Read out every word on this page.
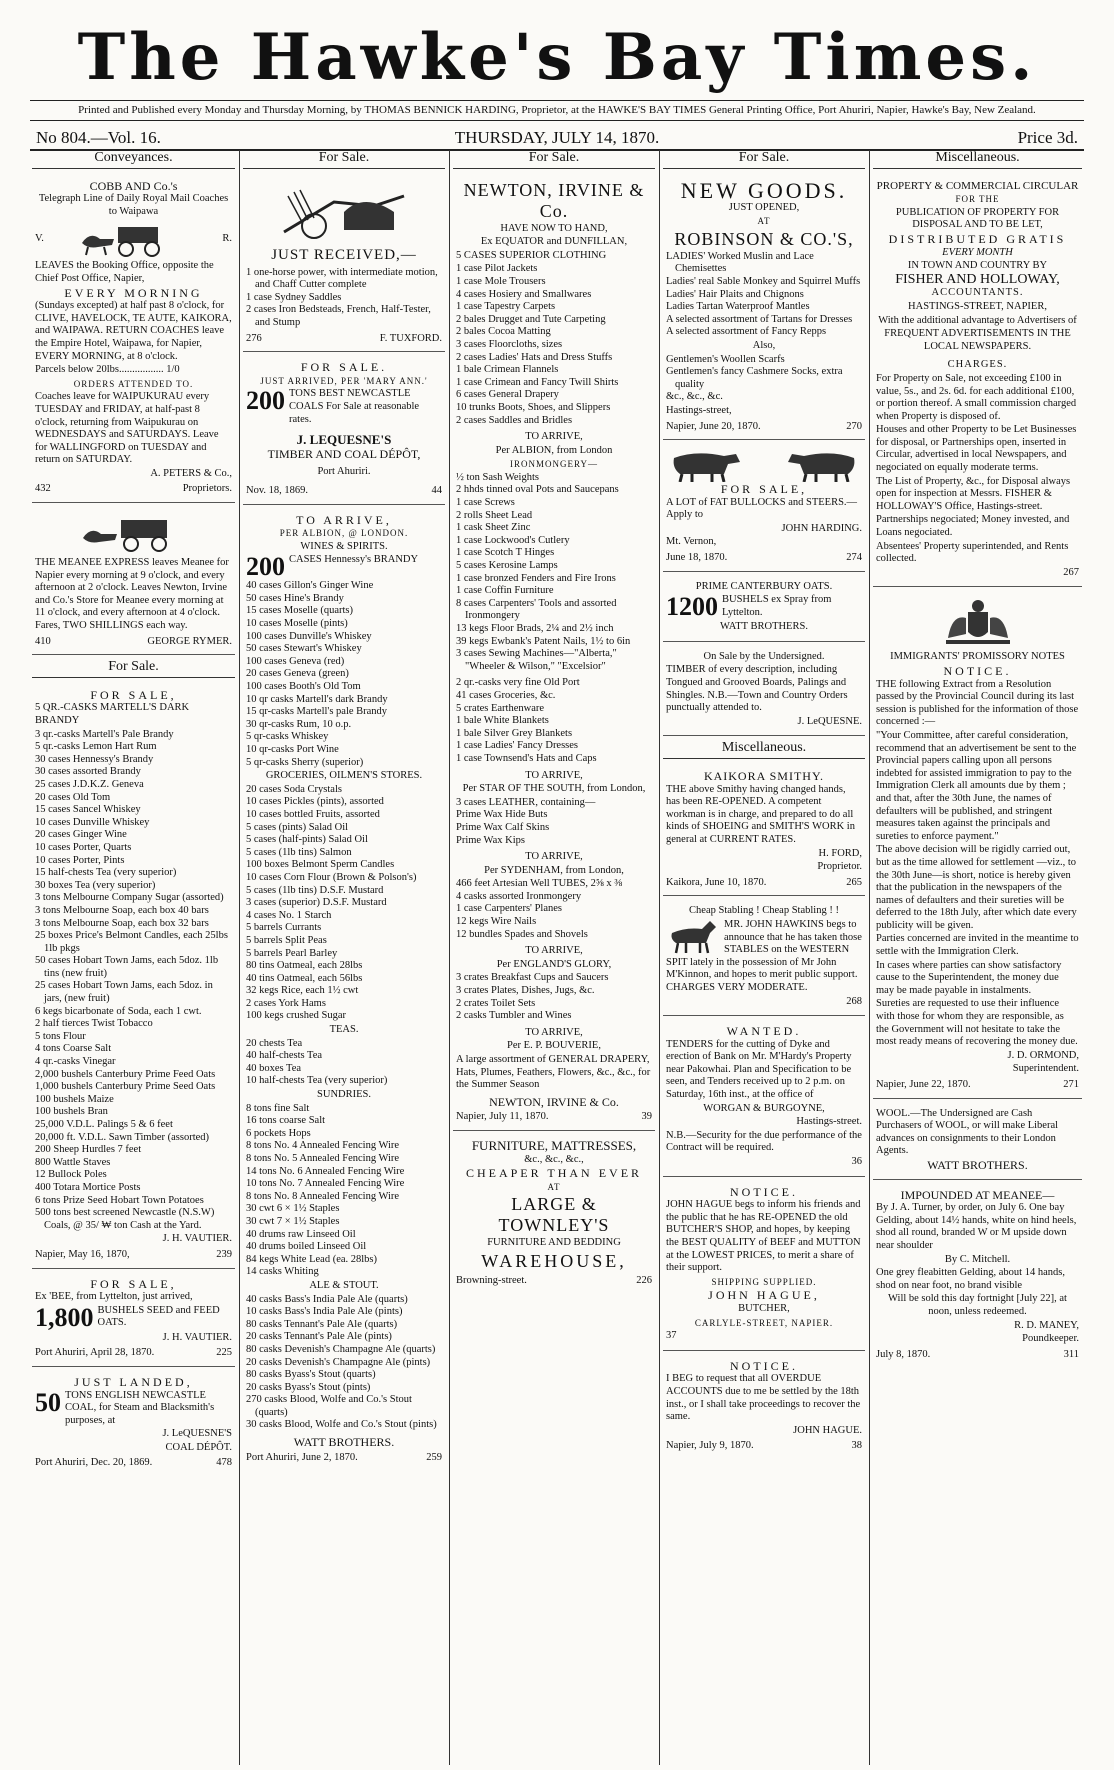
The Hawke's Bay Times.
Printed and Published every Monday and Thursday Morning, by THOMAS BENNICK HARDING, Proprietor, at the HAWKE'S BAY TIMES General Printing Office, Port Ahuriri, Napier, Hawke's Bay, New Zealand.
No 804.—Vol. 16.	THURSDAY, JULY 14, 1870.	Price 3d.
Conveyances.

COBB AND Co.'s

Telegraph Line of Daily Royal Mail Coaches to Waipawa

V.	R.

LEAVES the Booking Office, opposite the Chief Post Office, Napier,

EVERY MORNING

(Sundays excepted) at half past 8 o'clock, for CLIVE, HAVELOCK, TE AUTE, KAIKORA, and WAIPAWA. RETURN COACHES leave the Empire Hotel, Waipawa, for Napier, EVERY MORNING, at 8 o'clock.

Parcels below 20lbs................. 1/0

ORDERS ATTENDED TO.

Coaches leave for WAIPUKURAU every TUESDAY and FRIDAY, at half-past 8 o'clock, returning from Waipukurau on WEDNESDAYS and SATURDAYS. Leave for WALLINGFORD on TUESDAY and return on SATURDAY.

A. PETERS & Co.,

432	Proprietors.

THE MEANEE EXPRESS leaves Meanee for Napier every morning at 9 o'clock, and every afternoon at 2 o'clock. Leaves Newton, Irvine and Co.'s Store for Meanee every morning at 11 o'clock, and every afternoon at 4 o'clock. Fares, TWO SHILLINGS each way.

410	GEORGE RYMER.
For Sale.

FOR SALE,

5 QR.-CASKS MARTELL'S DARK BRANDY

3 qr.-casks Martell's Pale Brandy

5 qr.-casks Lemon Hart Rum

30 cases Hennessy's Brandy

30 cases assorted Brandy

25 cases J.D.K.Z. Geneva

20 cases Old Tom

15 cases Sancel Whiskey

10 cases Dunville Whiskey

20 cases Ginger Wine

10 cases Porter, Quarts

10 cases Porter, Pints

15 half-chests Tea (very superior)

30 boxes Tea (very superior)

3 tons Melbourne Company Sugar (assorted)

3 tons Melbourne Soap, each box 40 bars

3 tons Melbourne Soap, each box 32 bars

25 boxes Price's Belmont Candles, each 25lbs 1lb pkgs

50 cases Hobart Town Jams, each 5doz. 1lb tins (new fruit)

25 cases Hobart Town Jams, each 5doz. in jars, (new fruit)

6 kegs bicarbonate of Soda, each 1 cwt.

2 half tierces Twist Tobacco

5 tons Flour

4 tons Coarse Salt

4 qr.-casks Vinegar

2,000 bushels Canterbury Prime Feed Oats

1,000 bushels Canterbury Prime Seed Oats

100 bushels Maize

100 bushels Bran

25,000 V.D.L. Palings 5 & 6 feet

20,000 ft. V.D.L. Sawn Timber (assorted)

200 Sheep Hurdles 7 feet

800 Wattle Staves

12 Bullock Poles

400 Totara Mortice Posts

6 tons Prize Seed Hobart Town Potatoes

500 tons best screened Newcastle (N.S.W) Coals, @ 35/ ₩ ton Cash at the Yard.

J. H. VAUTIER.

Napier, May 16, 1870,	239

FOR SALE,

Ex 'BEE, from Lyttelton, just arrived,

1,800 BUSHELS SEED and FEED OATS.

J. H. VAUTIER.

Port Ahuriri, April 28, 1870.	225

JUST LANDED,

50 TONS ENGLISH NEWCASTLE COAL, for Steam and Blacksmith's purposes, at

J. LeQUESNE'S

COAL DÉPÔT.

Port Ahuriri, Dec. 20, 1869.	478
For Sale.

JUST RECEIVED,—

1 one-horse power, with intermediate motion, and Chaff Cutter complete

1 case Sydney Saddles

2 cases Iron Bedsteads, French, Half-Tester, and Stump

276	F. TUXFORD.

FOR SALE.

JUST ARRIVED, PER 'MARY ANN.'

200 TONS BEST NEWCASTLE COALS For Sale at reasonable rates.

J. LEQUESNE'S

TIMBER AND COAL DÉPÔT,

Port Ahuriri.

Nov. 18, 1869.	44

TO ARRIVE,

PER ALBION, @ LONDON.

WINES & SPIRITS.

200 CASES Hennessy's BRANDY

40 cases Gillon's Ginger Wine

50 cases Hine's Brandy

15 cases Moselle (quarts)

10 cases Moselle (pints)

100 cases Dunville's Whiskey

50 cases Stewart's Whiskey

100 cases Geneva (red)

20 cases Geneva (green)

100 cases Booth's Old Tom

10 qr casks Martell's dark Brandy

15 qr-casks Martell's pale Brandy

30 qr-casks Rum, 10 o.p.

5 qr-casks Whiskey

10 qr-casks Port Wine

5 qr-casks Sherry (superior)

GROCERIES, OILMEN'S STORES.

20 cases Soda Crystals

10 cases Pickles (pints), assorted

10 cases bottled Fruits, assorted

5 cases (pints) Salad Oil

5 cases (half-pints) Salad Oil

5 cases (1lb tins) Salmon

100 boxes Belmont Sperm Candles

10 cases Corn Flour (Brown & Polson's)

5 cases (1lb tins) D.S.F. Mustard

3 cases (superior) D.S.F. Mustard

4 cases No. 1 Starch

5 barrels Currants

5 barrels Split Peas

5 barrels Pearl Barley

80 tins Oatmeal, each 28lbs

40 tins Oatmeal, each 56lbs

32 kegs Rice, each 1½ cwt

2 cases York Hams

100 kegs crushed Sugar

TEAS.

20 chests Tea

40 half-chests Tea

40 boxes Tea

10 half-chests Tea (very superior)

SUNDRIES.

8 tons fine Salt

16 tons coarse Salt

6 pockets Hops

8 tons No. 4 Annealed Fencing Wire

8 tons No. 5 Annealed Fencing Wire

14 tons No. 6 Annealed Fencing Wire

10 tons No. 7 Annealed Fencing Wire

8 tons No. 8 Annealed Fencing Wire

30 cwt 6 × 1½ Staples

30 cwt 7 × 1½ Staples

40 drums raw Linseed Oil

40 drums boiled Linseed Oil

84 kegs White Lead (ea. 28lbs)

14 casks Whiting

ALE & STOUT.

40 casks Bass's India Pale Ale (quarts)

10 casks Bass's India Pale Ale (pints)

80 casks Tennant's Pale Ale (quarts)

20 casks Tennant's Pale Ale (pints)

80 casks Devenish's Champagne Ale (quarts)

20 casks Devenish's Champagne Ale (pints)

80 casks Byass's Stout (quarts)

20 casks Byass's Stout (pints)

270 casks Blood, Wolfe and Co.'s Stout (quarts)

30 casks Blood, Wolfe and Co.'s Stout (pints)

WATT BROTHERS.

Port Ahuriri, June 2, 1870.	259
For Sale.

NEWTON, IRVINE & Co.

HAVE NOW TO HAND,

Ex EQUATOR and DUNFILLAN,

5 CASES SUPERIOR CLOTHING

1 case Pilot Jackets

1 case Mole Trousers

4 cases Hosiery and Smallwares

1 case Tapestry Carpets

2 bales Drugget and Tute Carpeting

2 bales Cocoa Matting

3 cases Floorcloths, sizes

2 cases Ladies' Hats and Dress Stuffs

1 bale Crimean Flannels

1 case Crimean and Fancy Twill Shirts

6 cases General Drapery

10 trunks Boots, Shoes, and Slippers

2 cases Saddles and Bridles

TO ARRIVE,

Per ALBION, from London

IRONMONGERY—

½ ton Sash Weights

2 hhds tinned oval Pots and Saucepans

1 case Screws

2 rolls Sheet Lead

1 cask Sheet Zinc

1 case Lockwood's Cutlery

1 case Scotch T Hinges

5 cases Kerosine Lamps

1 case bronzed Fenders and Fire Irons

1 case Coffin Furniture

8 cases Carpenters' Tools and assorted Ironmongery

13 kegs Floor Brads, 2¼ and 2½ inch

39 kegs Ewbank's Patent Nails, 1½ to 6in

3 cases Sewing Machines—"Alberta," "Wheeler & Wilson," "Excelsior"

2 qr.-casks very fine Old Port

41 cases Groceries, &c.

5 crates Earthenware

1 bale White Blankets

1 bale Silver Grey Blankets

1 case Ladies' Fancy Dresses

1 case Townsend's Hats and Caps

TO ARRIVE,

Per STAR OF THE SOUTH, from London,

3 cases LEATHER, containing—

Prime Wax Hide Buts

Prime Wax Calf Skins

Prime Wax Kips

TO ARRIVE,

Per SYDENHAM, from London,

466 feet Artesian Well TUBES, 2⅝ x ⅜

4 casks assorted Ironmongery

1 case Carpenters' Planes

12 kegs Wire Nails

12 bundles Spades and Shovels

TO ARRIVE,

Per ENGLAND'S GLORY,

3 crates Breakfast Cups and Saucers

3 crates Plates, Dishes, Jugs, &c.

2 crates Toilet Sets

2 casks Tumbler and Wines

TO ARRIVE,

Per E. P. BOUVERIE,

A large assortment of GENERAL DRAPERY, Hats, Plumes, Feathers, Flowers, &c., &c., for the Summer Season

NEWTON, IRVINE & Co.

Napier, July 11, 1870.	39

FURNITURE, MATTRESSES,

&c., &c., &c.,

CHEAPER THAN EVER

AT

LARGE & TOWNLEY'S

FURNITURE AND BEDDING

WAREHOUSE,

Browning-street.	226
For Sale.

NEW GOODS.

JUST OPENED,

AT

ROBINSON & CO.'S,

LADIES' Worked Muslin and Lace Chemisettes

Ladies' real Sable Monkey and Squirrel Muffs

Ladies' Hair Plaits and Chignons

Ladies Tartan Waterproof Mantles

A selected assortment of Tartans for Dresses

A selected assortment of Fancy Repps

Also,

Gentlemen's Woollen Scarfs

Gentlemen's fancy Cashmere Socks, extra quality

&c., &c., &c.

Hastings-street,

Napier, June 20, 1870.	270

FOR SALE,

A LOT of FAT BULLOCKS and STEERS.—Apply to

JOHN HARDING.

Mt. Vernon,

June 18, 1870.	274

PRIME CANTERBURY OATS.

1200 BUSHELS ex Spray from Lyttelton.

WATT BROTHERS.

On Sale by the Undersigned.

TIMBER of every description, including Tongued and Grooved Boards, Palings and Shingles. N.B.—Town and Country Orders punctually attended to.

J. LeQUESNE.

Miscellaneous.

KAIKORA SMITHY.

THE above Smithy having changed hands, has been RE-OPENED. A competent workman is in charge, and prepared to do all kinds of SHOEING and SMITH'S WORK in general at CURRENT RATES.

H. FORD,

Proprietor.

Kaikora, June 10, 1870.	265

Cheap Stabling ! Cheap Stabling ! !

MR. JOHN HAWKINS begs to announce that he has taken those STABLES on the WESTERN SPIT lately in the possession of Mr John M'Kinnon, and hopes to merit public support. CHARGES VERY MODERATE.

268

WANTED.

TENDERS for the cutting of Dyke and erection of Bank on Mr. M'Hardy's Property near Pakowhai. Plan and Specification to be seen, and Tenders received up to 2 p.m. on Saturday, 16th inst., at the office of

WORGAN & BURGOYNE,

Hastings-street.

N.B.—Security for the due performance of the Contract will be required.

36

NOTICE.

JOHN HAGUE begs to inform his friends and the public that he has RE-OPENED the old BUTCHER'S SHOP, and hopes, by keeping the BEST QUALITY of BEEF and MUTTON at the LOWEST PRICES, to merit a share of their support.

SHIPPING SUPPLIED.

JOHN HAGUE,

BUTCHER,

CARLYLE-STREET, NAPIER.

37

NOTICE.

I BEG to request that all OVERDUE ACCOUNTS due to me be settled by the 18th inst., or I shall take proceedings to recover the same.

JOHN HAGUE.

Napier, July 9, 1870.	38
Miscellaneous.

PROPERTY & COMMERCIAL CIRCULAR

FOR THE

PUBLICATION OF PROPERTY FOR DISPOSAL AND TO BE LET,

DISTRIBUTED GRATIS

EVERY MONTH

IN TOWN AND COUNTRY BY

FISHER AND HOLLOWAY,

ACCOUNTANTS.

HASTINGS-STREET, NAPIER,

With the additional advantage to Advertisers of

FREQUENT ADVERTISEMENTS IN THE LOCAL NEWSPAPERS.

CHARGES.

For Property on Sale, not exceeding £100 in value, 5s., and 2s. 6d. for each additional £100, or portion thereof. A small commission charged when Property is disposed of.

Houses and other Property to be Let Businesses for disposal, or Partnerships open, inserted in Circular, advertised in local Newspapers, and negociated on equally moderate terms.

The List of Property, &c., for Disposal always open for inspection at Messrs. FISHER & HOLLOWAY'S Office, Hastings-street.

Partnerships negociated; Money invested, and Loans negociated.

Absentees' Property superintended, and Rents collected.

267

IMMIGRANTS' PROMISSORY NOTES

NOTICE.

THE following Extract from a Resolution passed by the Provincial Council during its last session is published for the information of those concerned :—

"Your Committee, after careful consideration, recommend that an advertisement be sent to the Provincial papers calling upon all persons indebted for assisted immigration to pay to the Immigration Clerk all amounts due by them ; and that, after the 30th June, the names of defaulters will be published, and stringent measures taken against the principals and sureties to enforce payment."

The above decision will be rigidly carried out, but as the time allowed for settlement —viz., to the 30th June—is short, notice is hereby given that the publication in the newspapers of the names of defaulters and their sureties will be deferred to the 18th July, after which date every publicity will be given.

Parties concerned are invited in the meantime to settle with the Immigration Clerk.

In cases where parties can show satisfactory cause to the Superintendent, the money due may be made payable in instalments.

Sureties are requested to use their influence with those for whom they are responsible, as the Government will not hesitate to take the most ready means of recovering the money due.

J. D. ORMOND,

Superintendent.

Napier, June 22, 1870.	271

WOOL.—The Undersigned are Cash Purchasers of WOOL, or will make Liberal advances on consignments to their London Agents.

WATT BROTHERS.

IMPOUNDED AT MEANEE—

By J. A. Turner, by order, on July 6. One bay Gelding, about 14½ hands, white on hind heels, shod all round, branded W or M upside down near shoulder

By C. Mitchell.

One grey fleabitten Gelding, about 14 hands, shod on near foot, no brand visible

Will be sold this day fortnight [July 22], at noon, unless redeemed.

R. D. MANEY,

Poundkeeper.

July 8, 1870.	311
